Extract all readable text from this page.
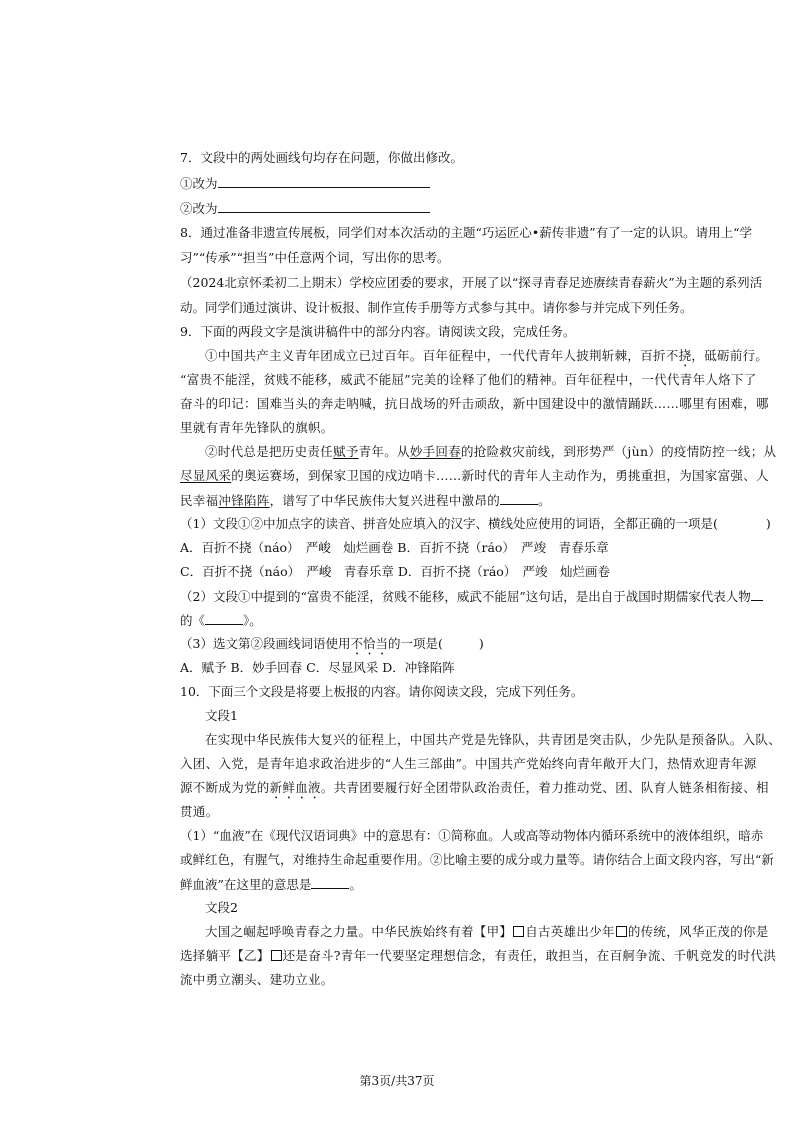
7．文段中的两处画线句均存在问题，你做出修改。
①改为
②改为
8．通过准备非遗宣传展板，同学们对本次活动的主题“巧运匠心•薪传非遗”有了一定的认识。请用上“学
习”“传承”“担当”中任意两个词，写出你的思考。
（2024北京怀柔初二上期末）学校应团委的要求，开展了以“探寻青春足迹赓续青春薪火”为主题的系列活
动。同学们通过演讲、设计板报、制作宣传手册等方式参与其中。请你参与并完成下列任务。
9．下面的两段文字是演讲稿件中的部分内容。请阅读文段，完成任务。
①中国共产主义青年团成立已过百年。百年征程中，一代代青年人披荆斩棘，百折不挠，砥砺前行。
“富贵不能淫，贫贱不能移，威武不能屈”完美的诠释了他们的精神。百年征程中，一代代青年人烙下了
奋斗的印记：国难当头的奔走呐喊，抗日战场的歼击顽敌，新中国建设中的激情踊跃……哪里有困难，哪
里就有青年先锋队的旗帜。
②时代总是把历史责任赋予青年。从妙手回春的抢险救灾前线，到形势严（jùn）的疫情防控一线；从
尽显风采的奥运赛场，到保家卫国的戍边哨卡……新时代的青年人主动作为，勇挑重担，为国家富强、人
民幸福冲锋陷阵，谱写了中华民族伟大复兴进程中激昂的	。
（1）文段①②中加点字的读音、拼音处应填入的汉字、横线处应使用的词语，全都正确的一项是(	)
A．百折不挠（náo）　严峻　灿烂画卷 B．百折不挠（ráo）　严竣　青春乐章
C．百折不挠（náo）　严峻　青春乐章 D．百折不挠（ráo）　严竣　灿烂画卷
（2）文段①中提到的“富贵不能淫，贫贱不能移，威武不能屈”这句话，是出自于战国时期儒家代表人物
的《	》。
（3）选文第②段画线词语使用不恰当的一项是(	)
A．赋予 B．妙手回春 C．尽显风采 D．冲锋陷阵
10．下面三个文段是将要上板报的内容。请你阅读文段，完成下列任务。
文段1
在实现中华民族伟大复兴的征程上，中国共产党是先锋队，共青团是突击队，少先队是预备队。入队、
入团、入党，是青年追求政治进步的“人生三部曲”。中国共产党始终向青年敞开大门，热情欢迎青年源
源不断成为党的新鲜血液。共青团要履行好全团带队政治责任，着力推动党、团、队育人链条相衔接、相
贯通。
（1）“血液”在《现代汉语词典》中的意思有：①简称血。人或高等动物体内循环系统中的液体组织，暗赤
或鲜红色，有腥气，对维持生命起重要作用。②比喻主要的成分或力量等。请你结合上面文段内容，写出“新
鲜血液”在这里的意思是	。
文段2
大国之崛起呼唤青春之力量。中华民族始终有着【甲】 自古英雄出少年 的传统，风华正茂的你是
选择躺平【乙】 还是奋斗?青年一代要坚定理想信念，有责任，敢担当，在百舸争流、千帆竞发的时代洪
流中勇立潮头、建功立业。
第3页/共37页
